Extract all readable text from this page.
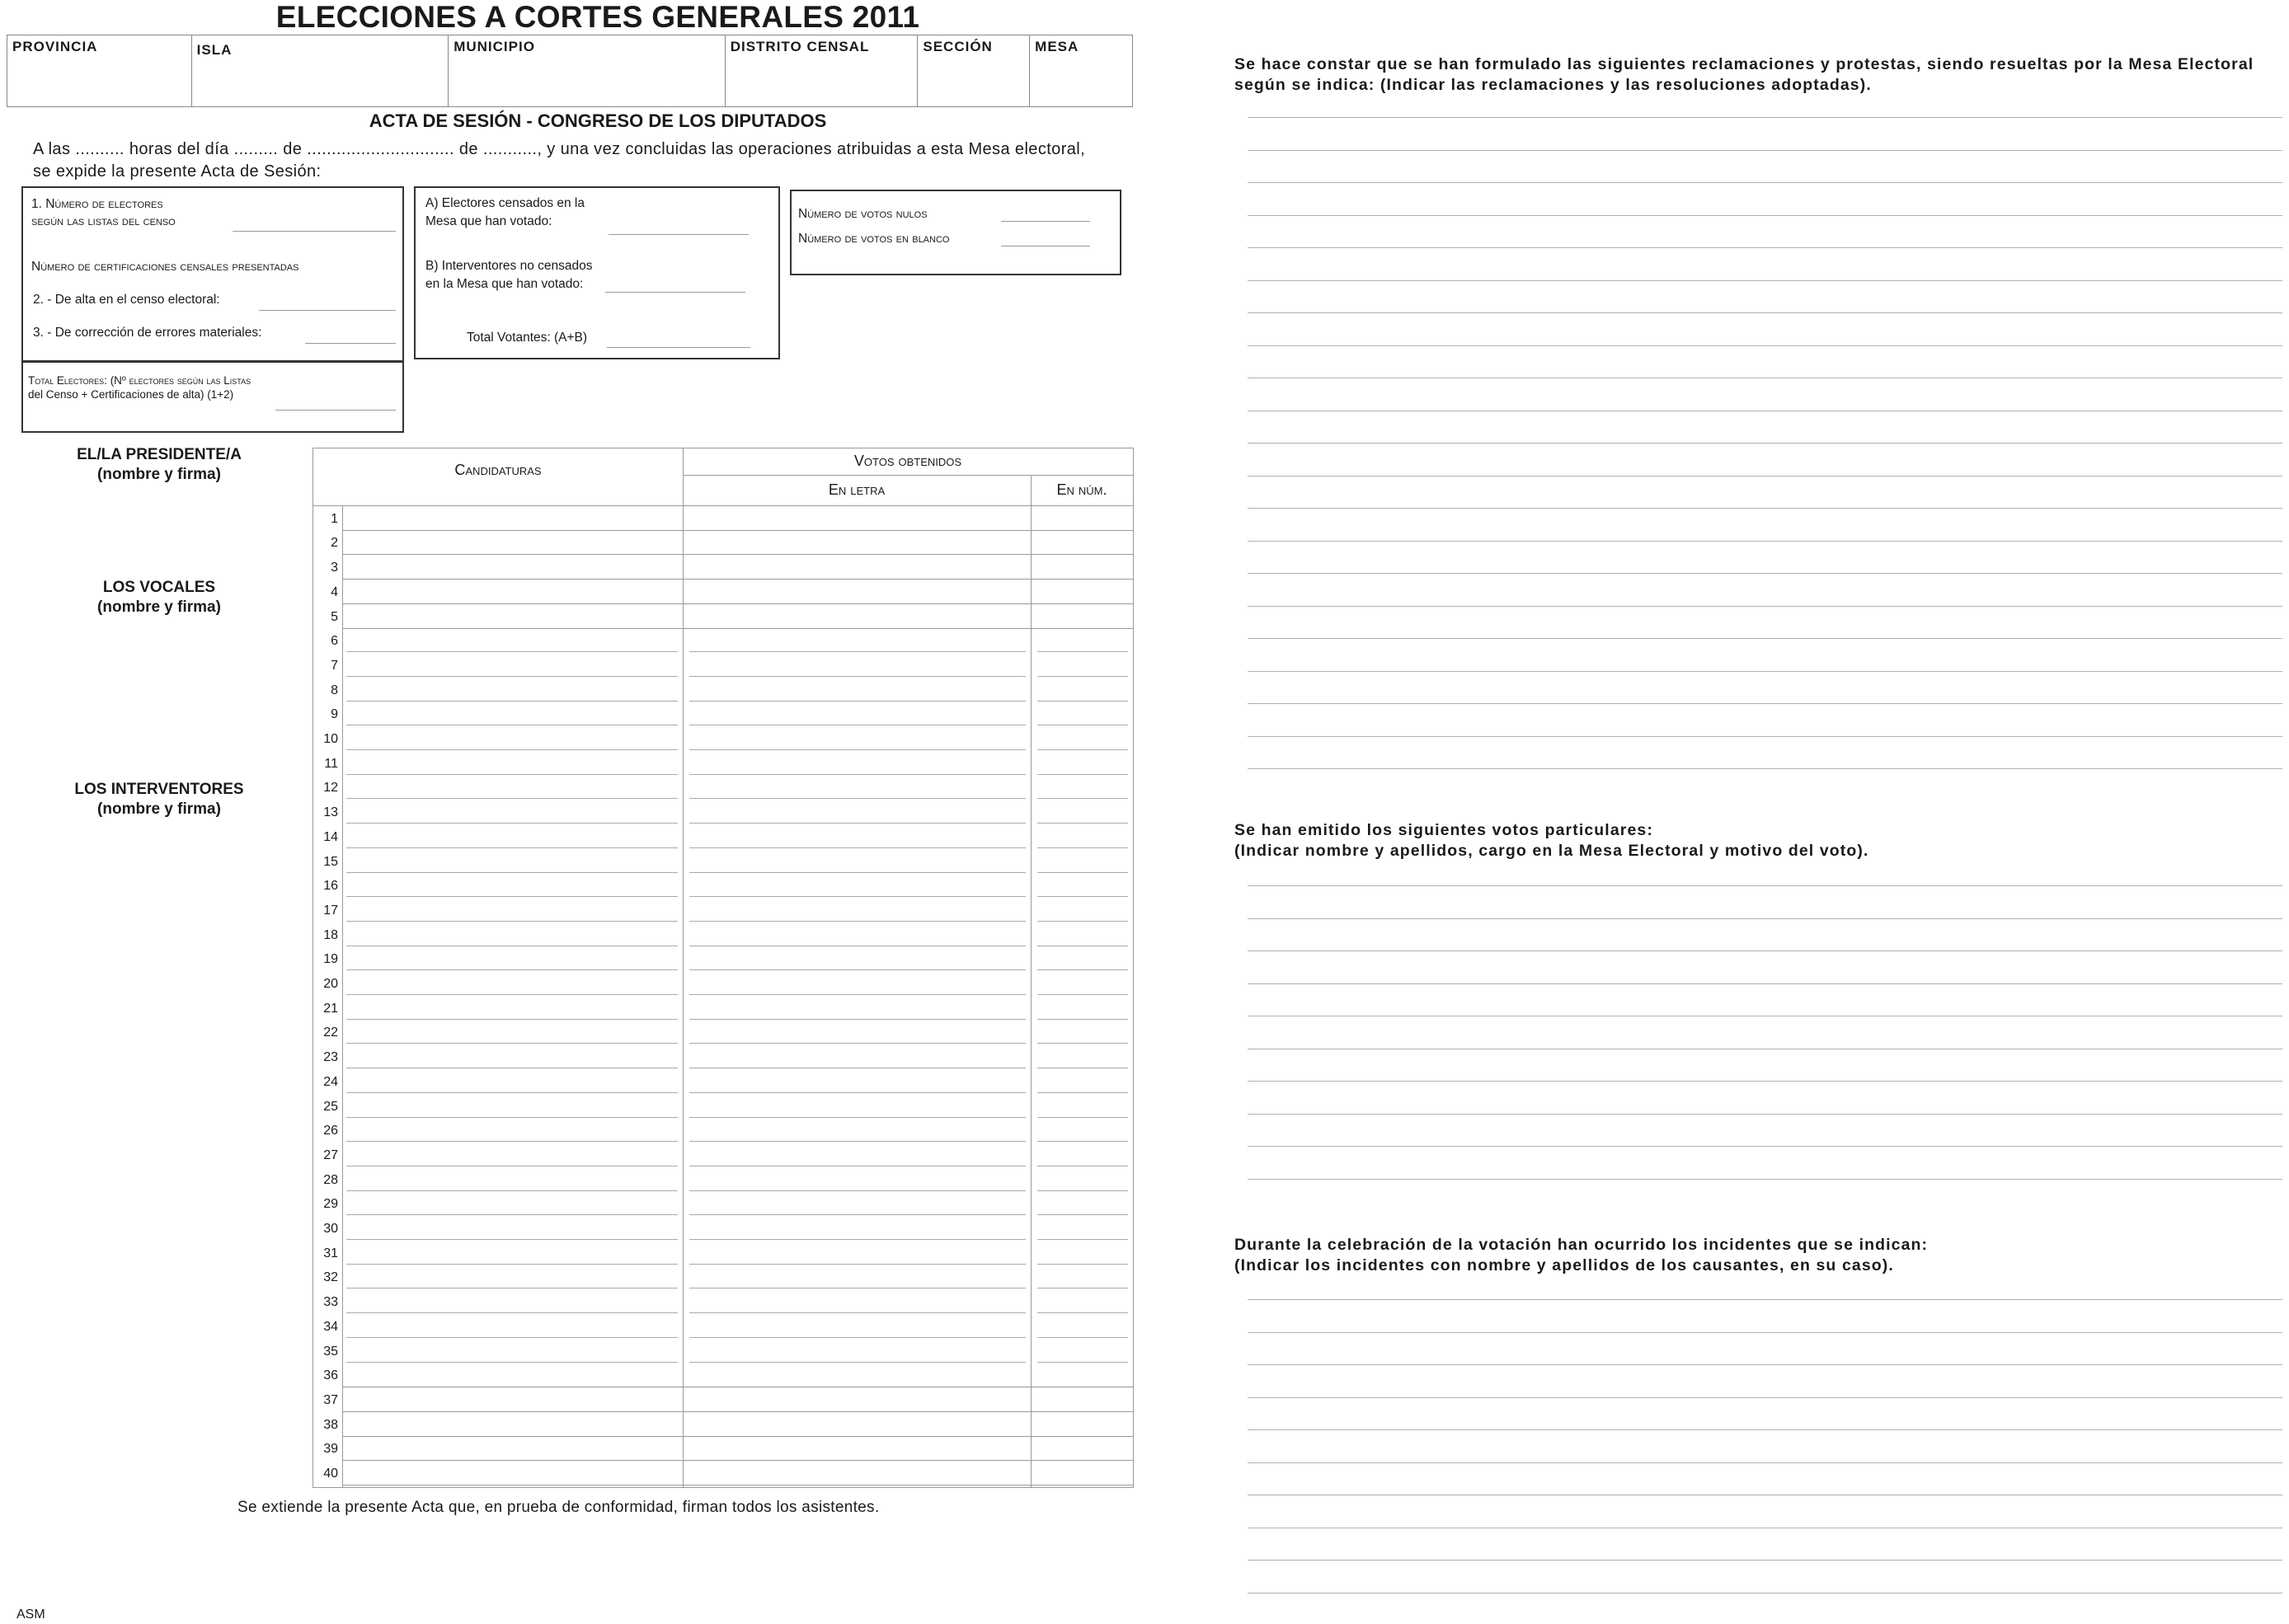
ELECCIONES A CORTES GENERALES 2011
PROVINCIA	ISLA	MUNICIPIO	DISTRITO CENSAL	SECCIÓN	MESA
ACTA DE SESIÓN - CONGRESO DE LOS DIPUTADOS
A las .......... horas del día ......... de .............................. de ..........., y una vez concluidas las operaciones atribuidas a esta Mesa electoral,
se expide la presente Acta de Sesión:
1. Número de electores
según las listas del censo
Número de certificaciones censales presentadas
2. - De alta en el censo electoral:
3. - De corrección de errores materiales:
Total Electores: (Nº electores según las Listas
del Censo + Certificaciones de alta) (1+2)
A) Electores censados en la
Mesa que han votado:
B) Interventores no censados
en la Mesa que han votado:
Total Votantes: (A+B)
Número de votos nulos
Número de votos en blanco
EL/LA PRESIDENTE/A
(nombre y firma)
LOS VOCALES
(nombre y firma)
LOS INTERVENTORES
(nombre y firma)
Candidaturas
Votos obtenidos
En letra	En núm.
1
2
3
4
5
6
7
8
9
10
11
12
13
14
15
16
17
18
19
20
21
22
23
24
25
26
27
28
29
30
31
32
33
34
35
36
37
38
39
40
Se extiende la presente Acta que, en prueba de conformidad, firman todos los asistentes.
ASM
Se hace constar que se han formulado las siguientes reclamaciones y protestas, siendo resueltas por la Mesa Electoral
según se indica: (Indicar las reclamaciones y las resoluciones adoptadas).
Se han emitido los siguientes votos particulares:
(Indicar nombre y apellidos, cargo en la Mesa Electoral y motivo del voto).
Durante la celebración de la votación han ocurrido los incidentes que se indican:
(Indicar los incidentes con nombre y apellidos de los causantes, en su caso).
